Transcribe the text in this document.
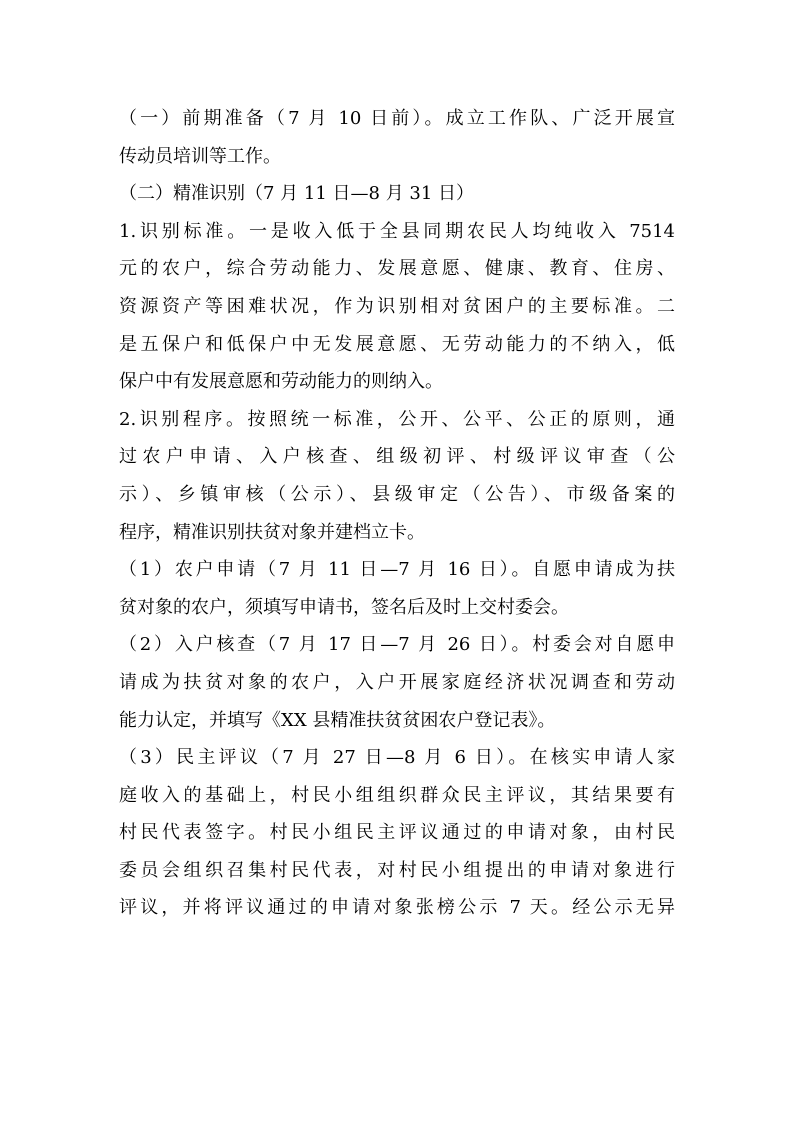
（一）前期准备（7 月 10 日前）。成立工作队、广泛开展宣
传动员培训等工作。
（二）精准识别（7 月 11 日—8 月 31 日）
1.识别标准。一是收入低于全县同期农民人均纯收入 7514
元的农户，综合劳动能力、发展意愿、健康、教育、住房、
资源资产等困难状况，作为识别相对贫困户的主要标准。二
是五保户和低保户中无发展意愿、无劳动能力的不纳入，低
保户中有发展意愿和劳动能力的则纳入。
2.识别程序。按照统一标准，公开、公平、公正的原则，通
过农户申请、入户核查、组级初评、村级评议审查（公
示）、乡镇审核（公示）、县级审定（公告）、市级备案的
程序，精准识别扶贫对象并建档立卡。
（1）农户申请（7 月 11 日—7 月 16 日）。自愿申请成为扶
贫对象的农户，须填写申请书，签名后及时上交村委会。
（2）入户核查（7 月 17 日—7 月 26 日）。村委会对自愿申
请成为扶贫对象的农户，入户开展家庭经济状况调查和劳动
能力认定，并填写《XX 县精准扶贫贫困农户登记表》。
（3）民主评议（7 月 27 日—8 月 6 日）。在核实申请人家
庭收入的基础上，村民小组组织群众民主评议，其结果要有
村民代表签字。村民小组民主评议通过的申请对象，由村民
委员会组织召集村民代表，对村民小组提出的申请对象进行
评议，并将评议通过的申请对象张榜公示 7 天。经公示无异
